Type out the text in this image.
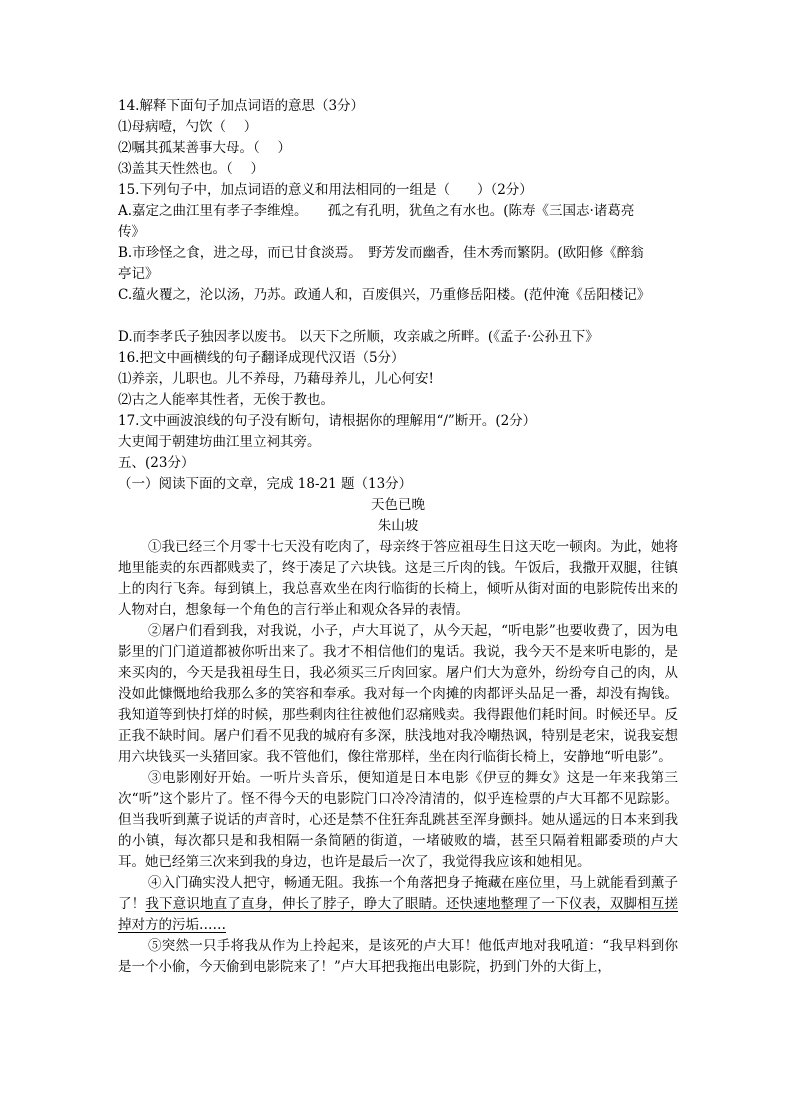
14.解释下面句子加点词语的意思（3分）
⑴母病噎，勺饮（　 ）
⑵嘱其孤某善事大母。（　 ）
⑶盖其天性然也。（　 ）
15.下列句子中，加点词语的意义和用法相同的一组是（　　）（2分）
A.嘉定之曲江里有孝子李维煌。　　孤之有孔明，犹鱼之有水也。(陈寿《三国志·诸葛亮
传》
B.市珍怪之食，进之母，而已甘食淡焉。　野芳发而幽香，佳木秀而繁阴。(欧阳修《醉翁
亭记》
C.蕴火覆之，沦以汤，乃苏。政通人和，百废俱兴，乃重修岳阳楼。(范仲淹《岳阳楼记》
D.而李孝氏子独因孝以废书。 以天下之所顺，攻亲戚之所畔。(《孟子·公孙丑下》
16.把文中画横线的句子翻译成现代汉语（5分）
⑴养亲，儿职也。儿不养母，乃藉母养儿，儿心何安!
⑵古之人能率其性者，无俟于教也。
17.文中画波浪线的句子没有断句，请根据你的理解用“/”断开。(2分）
大吏闻于朝建坊曲江里立祠其旁。
五、(23分）
（一）阅读下面的文章，完成 18-21 题（13分）
天色已晚
朱山坡

①我已经三个月零十七天没有吃肉了，母亲终于答应祖母生日这天吃一顿肉。为此，她将地里能卖的东西都贱卖了，终于凑足了六块钱。这是三斤肉的钱。午饭后，我撒开双腿，往镇上的肉行飞奔。每到镇上，我总喜欢坐在肉行临街的长椅上，倾听从街对面的电影院传出来的人物对白，想象每一个角色的言行举止和观众各异的表情。

②屠户们看到我，对我说，小子，卢大耳说了，从今天起，“听电影”也要收费了，因为电影里的门门道道都被你听出来了。我才不相信他们的鬼话。我说，我今天不是来听电影的，是来买肉的，今天是我祖母生日，我必须买三斤肉回家。屠户们大为意外，纷纷夸自己的肉，从没如此慷慨地给我那么多的笑容和奉承。我对每一个肉摊的肉都评头品足一番，却没有掏钱。我知道等到快打烊的时候，那些剩肉往往被他们忍痛贱卖。我得跟他们耗时间。时候还早。反正我不缺时间。屠户们看不见我的城府有多深，肤浅地对我冷嘲热讽，特别是老宋，说我妄想用六块钱买一头猪回家。我不管他们，像往常那样，坐在肉行临街长椅上，安静地“听电影”。

③电影刚好开始。一听片头音乐，便知道是日本电影《伊豆的舞女》这是一年来我第三次“听”这个影片了。怪不得今天的电影院门口冷冷清清的，似乎连检票的卢大耳都不见踪影。但当我听到薰子说话的声音时，心还是禁不住狂奔乱跳甚至浑身颤抖。她从遥远的日本来到我的小镇，每次都只是和我相隔一条简陋的街道，一堵破败的墙，甚至只隔着粗鄙委琐的卢大耳。她已经第三次来到我的身边，也许是最后一次了，我觉得我应该和她相见。

④入门确实没人把守，畅通无阻。我拣一个角落把身子掩藏在座位里，马上就能看到薰子了！我下意识地直了直身，伸长了脖子，睁大了眼睛。还快速地整理了一下仪表，双脚相互搓掉对方的污垢……

⑤突然一只手将我从作为上拎起来，是该死的卢大耳！他低声地对我吼道：“我早料到你是一个小偷，今天偷到电影院来了！”卢大耳把我拖出电影院，扔到门外的大街上，
